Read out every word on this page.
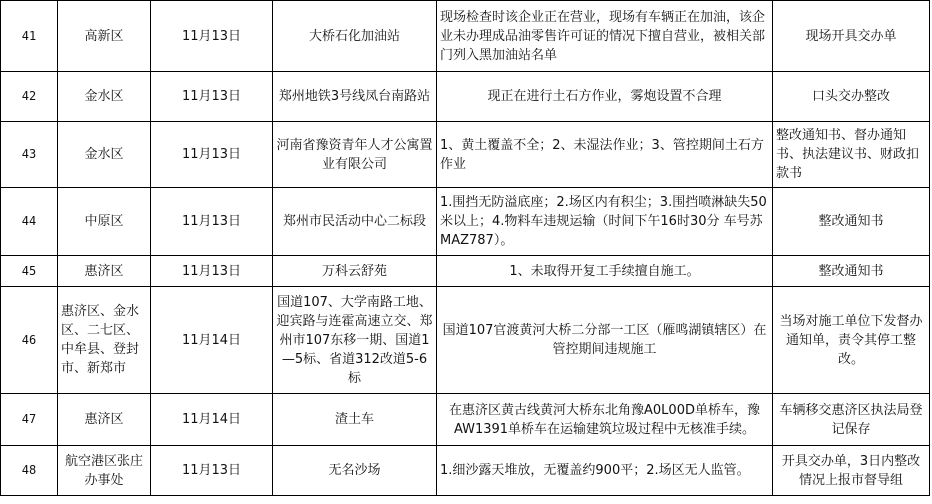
41	高新区	11月13日	大桥石化加油站	现场检查时该企业正在营业，现场有车辆正在加油，该企业未办理成品油零售许可证的情况下擅自营业，被相关部门列入黑加油站名单	现场开具交办单
42	金水区	11月13日	郑州地铁3号线凤台南路站	现正在进行土石方作业，雾炮设置不合理	口头交办整改
43	金水区	11月13日	河南省豫资青年人才公寓置业有限公司	1、黄土覆盖不全；2、未湿法作业；3、管控期间土石方作业	整改通知书、督办通知书、执法建议书、财政扣款书
44	中原区	11月13日	郑州市民活动中心二标段	1.围挡无防溢底座；2.场区内有积尘；3.围挡喷淋缺失50米以上；4.物料车违规运输（时间下午16时30分 车号苏MAZ787）。	整改通知书
45	惠济区	11月13日	万科云舒苑	1、未取得开复工手续擅自施工。	整改通知书
46	惠济区、金水区、二七区、中牟县、登封市、新郑市	11月14日	国道107、大学南路工地、迎宾路与连霍高速立交、郑州市107东移一期、国道1—5标、省道312改道5-6标	国道107官渡黄河大桥二分部一工区（雁鸣湖镇辖区）在管控期间违规施工	当场对施工单位下发督办通知单，责令其停工整改。
47	惠济区	11月14日	渣土车	在惠济区黄古线黄河大桥东北角豫A0L00D单桥车，豫AW1391单桥车在运输建筑垃圾过程中无核准手续。	车辆移交惠济区执法局登记保存
48	航空港区张庄办事处	11月13日	无名沙场	1.细沙露天堆放，无覆盖约900平；2.场区无人监管。	开具交办单，3日内整改情况上报市督导组
